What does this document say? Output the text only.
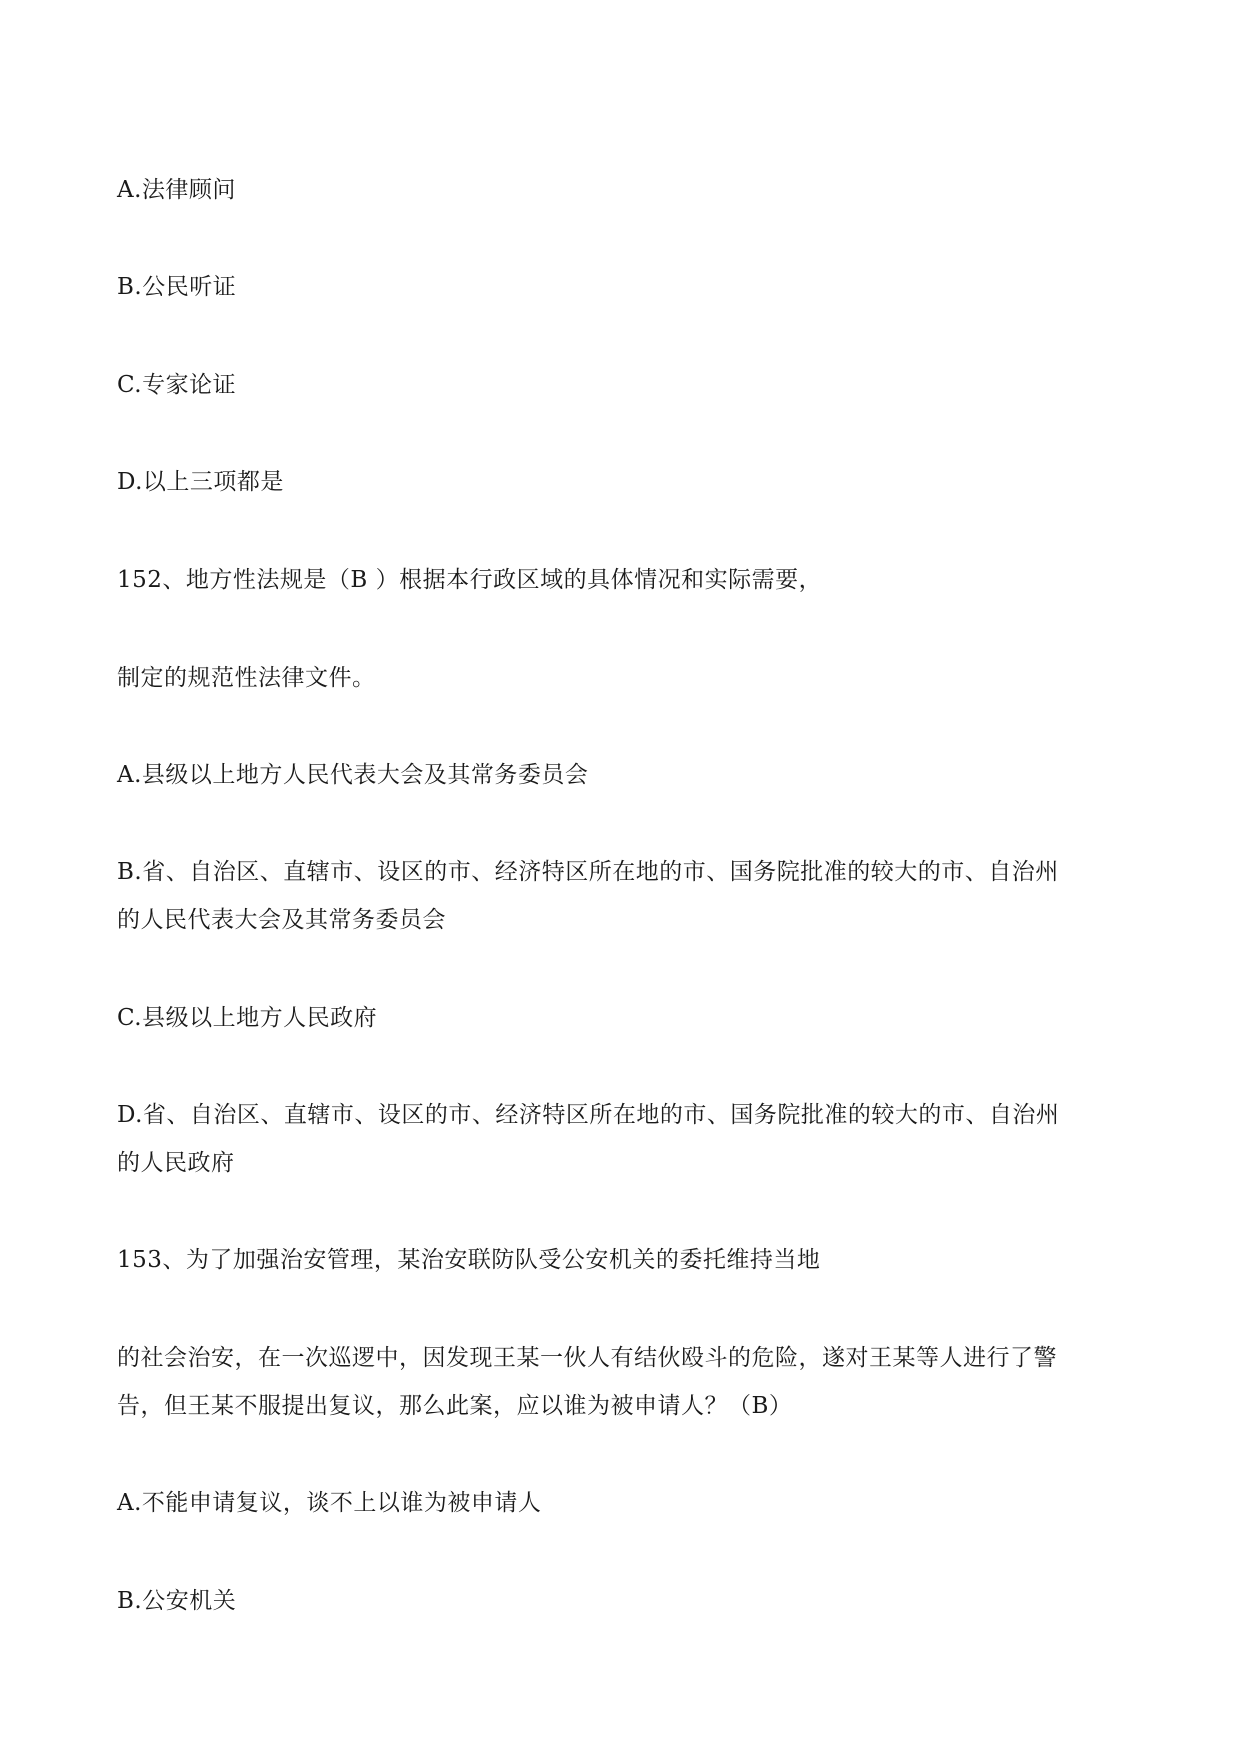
A.法律顾问
B.公民听证
C.专家论证
D.以上三项都是
152、地方性法规是（B ）根据本行政区域的具体情况和实际需要，
制定的规范性法律文件。
A.县级以上地方人民代表大会及其常务委员会
B.省、自治区、直辖市、设区的市、经济特区所在地的市、国务院批准的较大的市、自治州
的人民代表大会及其常务委员会
C.县级以上地方人民政府
D.省、自治区、直辖市、设区的市、经济特区所在地的市、国务院批准的较大的市、自治州
的人民政府
153、为了加强治安管理，某治安联防队受公安机关的委托维持当地
的社会治安，在一次巡逻中，因发现王某一伙人有结伙殴斗的危险，遂对王某等人进行了警
告，但王某不服提出复议，那么此案，应以谁为被申请人？（B）
A.不能申请复议，谈不上以谁为被申请人
B.公安机关
